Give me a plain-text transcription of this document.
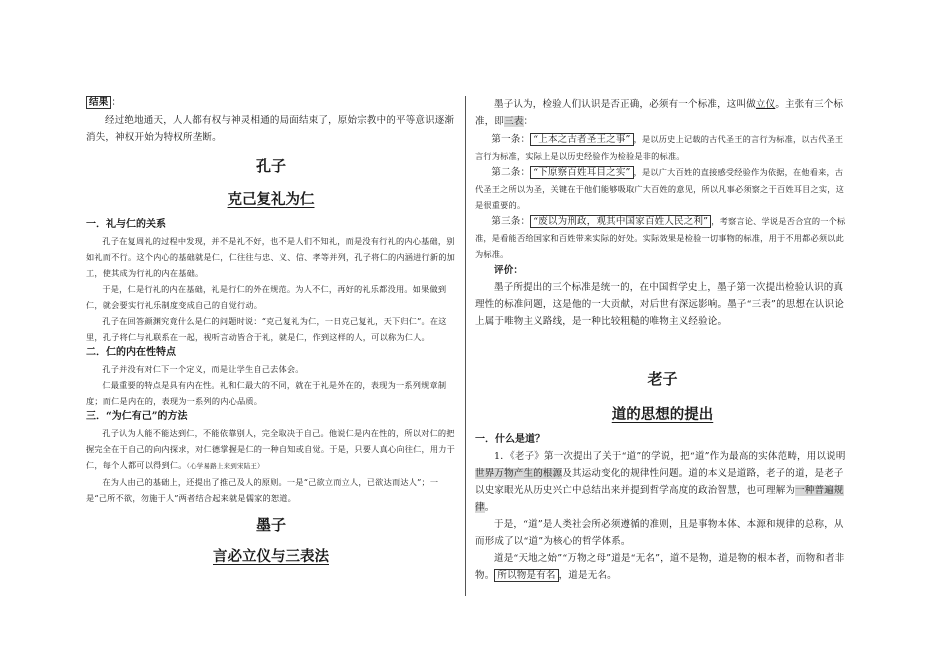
结果 ：

经过绝地通天，人人都有权与神灵相通的局面结束了，原始宗教中的平等意识逐渐消失，神权开始为特权所垄断。

孔子

克己复礼为仁

一．礼与仁的关系

孔子在复周礼的过程中发现，并不是礼不好，也不是人们不知礼，而是没有行礼的内心基础，别如礼而不行。这个内心的基础就是仁，仁往往与忠、义、信、孝等并列，孔子将仁的内涵进行新的加工，使其成为行礼的内在基础。

于是，仁是行礼的内在基础，礼是行仁的外在规范。为人不仁，再好的礼乐都没用。如果做到仁，就会要实行礼乐制度变成自己的自觉行动。

孔子在回答颜渊究竟什么是仁的问题时说：“克己复礼为仁，一日克己复礼，天下归仁”。在这里，孔子将仁与礼联系在一起，视听言动皆合于礼，就是仁，作到这样的人，可以称为仁人。

二．仁的内在性特点

孔子并没有对仁下一个定义，而是让学生自己去体会。

仁最重要的特点是具有内在性。礼和仁最大的不同，就在于礼是外在的，表现为一系列规章制度；而仁是内在的，表现为一系列的内心品质。

三．“为仁有己”的方法

孔子认为人能不能达到仁，不能依靠别人，完全取决于自己。他说仁是内在性的，所以对仁的把握完全在于自己的向内探求，对仁德掌握是仁的一种自知或自觉。于是，只要人真心向往仁，用力于仁，每个人都可以得到仁。（心学易路上来到宋陆王）

在为人由己的基础上，还提出了推己及人的原则。一是“己欲立而立人，已欲达而达人”；一是“己所不欲，勿施于人”两者结合起来就是儒家的恕道。

墨子

言必立仪与三表法

墨子认为，检验人们认识是否正确，必须有一个标准，这叫做立仪。主张有三个标准，即三表：

第一条： “上本之古者圣王之事” ，是以历史上记载的古代圣王的言行为标准，以古代圣王言行为标准，实际上是以历史经验作为检验是非的标准。

第二条： “下原察百姓耳目之实” ，是以广大百姓的直接感受经验作为依据，在他看来，古代圣王之所以为圣，关键在于他们能够吸取广大百姓的意见，所以凡事必须察之于百姓耳目之实，这是很重要的。

第三条： “废以为刑政，观其中国家百姓人民之利” ，考察言论、学说是否合宜的一个标准，是看能否给国家和百姓带来实际的好处。实际效果是检验一切事物的标准，用于不用都必须以此为标准。

评价：

墨子所提出的三个标准是统一的，在中国哲学史上，墨子第一次提出检验认识的真理性的标准问题，这是他的一大贡献，对后世有深远影响。墨子“三表”的思想在认识论上属于唯物主义路线，是一种比较粗糙的唯物主义经验论。

老子

道的思想的提出

一．什么是道？

1．《老子》第一次提出了关于“道”的学说，把“道”作为最高的实体范畴，用以说明世界万物产生的根源及其运动变化的规律性问题。道的本义是道路，老子的道，是老子以史家眼光从历史兴亡中总结出来并提到哲学高度的政治智慧，也可理解为一种普遍规律。

于是，“道”是人类社会所必须遵循的准则，且是事物本体、本源和规律的总称，从而形成了以“道”为核心的哲学体系。

道是“天地之始”“万物之母”道是“无名”，道不是物，道是物的根本者，而物和者非物。 所以物是有名 ，道是无名。
